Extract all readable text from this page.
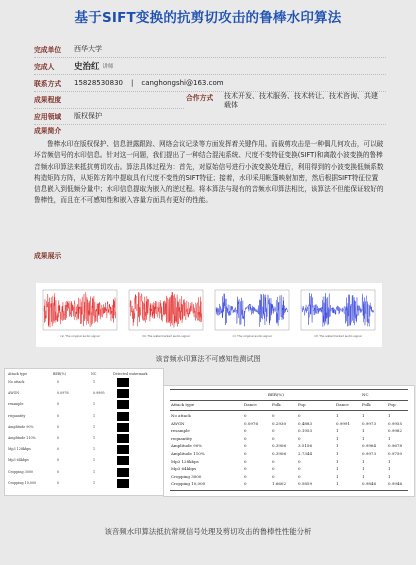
基于SIFT变换的抗剪切攻击的鲁棒水印算法
完成单位	西华大学
完成人	史治红 讲师
联系方式	15828530830 | canghongshi@163.com
成果程度	合作方式	技术开发、技术服务、技术转让、技术咨询、共建载体
应用领域	版权保护
成果简介

鲁棒水印在版权保护、信息泄露跟踪、网络会议记录等方面发挥着关键作用。而裁剪攻击是一种偶几何攻击，可以破坏音频信号的水印信息。针对这一问题，我们提出了一种结合混沌系统、尺度不变特征变换(SIFT)和离散小波变换的鲁棒音频水印算法来抵抗剪切攻击。算法具体过程为：首先，对原始信号进行小波变换处理后，利用得到的小波变换低频系数构造矩阵方阵，从矩阵方阵中提取具有尺度不变性的SIFT特征；接着，水印采用帐篷映射加密，然后根据SIFT特征位置信息嵌入到低频分量中；水印信息提取为嵌入的逆过程。将本算法与现有的音频水印算法相比，该算法不但能保证较好的鲁棒性，而且在不可感知性和嵌入容量方面具有更好的性能。

成果展示
(a) The original audio signal	(b) The watermarked audio signal	(c) The original audio signal	(d) The watermarked audio signal
该音频水印算法不可感知性测试图
Attack type	BER(%)	NC	Detected watermark
No attack	0	1
AWGN	0.0976	0.9995
resample	0	1
requantity	0	1
Amplitude 90%	0	1
Amplitude 110%	0	1
Mp3 128kbps	0	1
Mp3 64kbps	0	1
Cropping 3000	0	1
Cropping 10,000	0	1
BER(%)	NC
Attack type	Dance	Folk	Pop	Dance	Folk	Pop
No attack	0	0	0	1	1	1
AWGN	0.0976	0.2930	0.4883	0.9991	0.9973	0.9955
resample	0	0	0.1953	1	1	0.9982
requantity	0	0	0	1	1	1
Amplitude 90%	0	0.3906	3.5156	1	0.9964	0.9678
Amplitude 110%	0	0.3906	2.7344	1	0.9973	0.9750
Mp3 128kbps	0	0	0	1	1	1
Mp3 64kbps	0	0	0	1	1	1
Cropping 3000	0	0	0	1	1	1
Cropping 10,000	0	1.6602	0.5859	1	0.9846	0.9946
该音频水印算法抵抗常规信号处理及剪切攻击的鲁棒性性能分析
